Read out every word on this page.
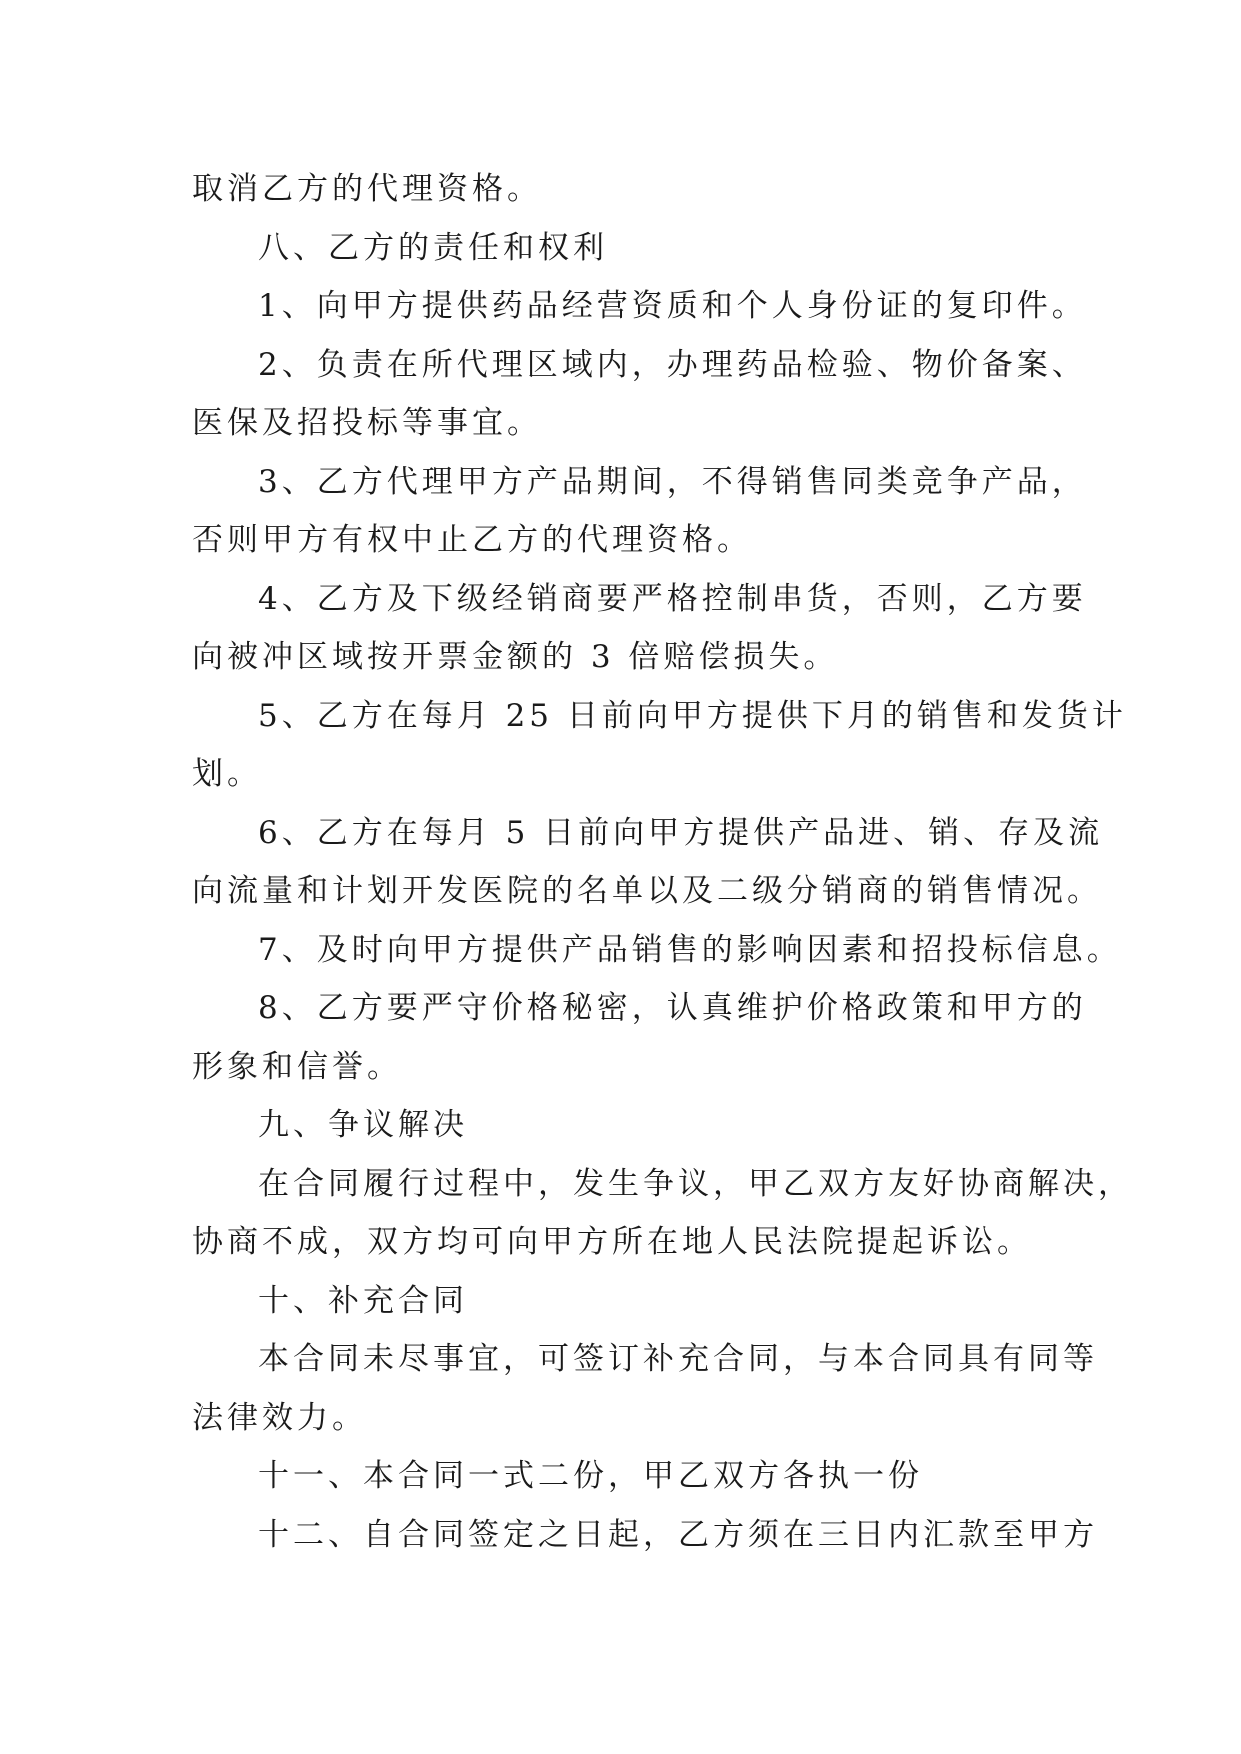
取消乙方的代理资格。
八、乙方的责任和权利
1、向甲方提供药品经营资质和个人身份证的复印件。
2、负责在所代理区域内，办理药品检验、物价备案、
医保及招投标等事宜。
3、乙方代理甲方产品期间，不得销售同类竞争产品，
否则甲方有权中止乙方的代理资格。
4、乙方及下级经销商要严格控制串货，否则，乙方要
向被冲区域按开票金额的 3 倍赔偿损失。
5、乙方在每月 25 日前向甲方提供下月的销售和发货计
划。
6、乙方在每月 5 日前向甲方提供产品进、销、存及流
向流量和计划开发医院的名单以及二级分销商的销售情况。
7、及时向甲方提供产品销售的影响因素和招投标信息。
8、乙方要严守价格秘密，认真维护价格政策和甲方的
形象和信誉。
九、争议解决
在合同履行过程中，发生争议，甲乙双方友好协商解决，
协商不成，双方均可向甲方所在地人民法院提起诉讼。
十、补充合同
本合同未尽事宜，可签订补充合同，与本合同具有同等
法律效力。
十一、本合同一式二份，甲乙双方各执一份
十二、自合同签定之日起，乙方须在三日内汇款至甲方
